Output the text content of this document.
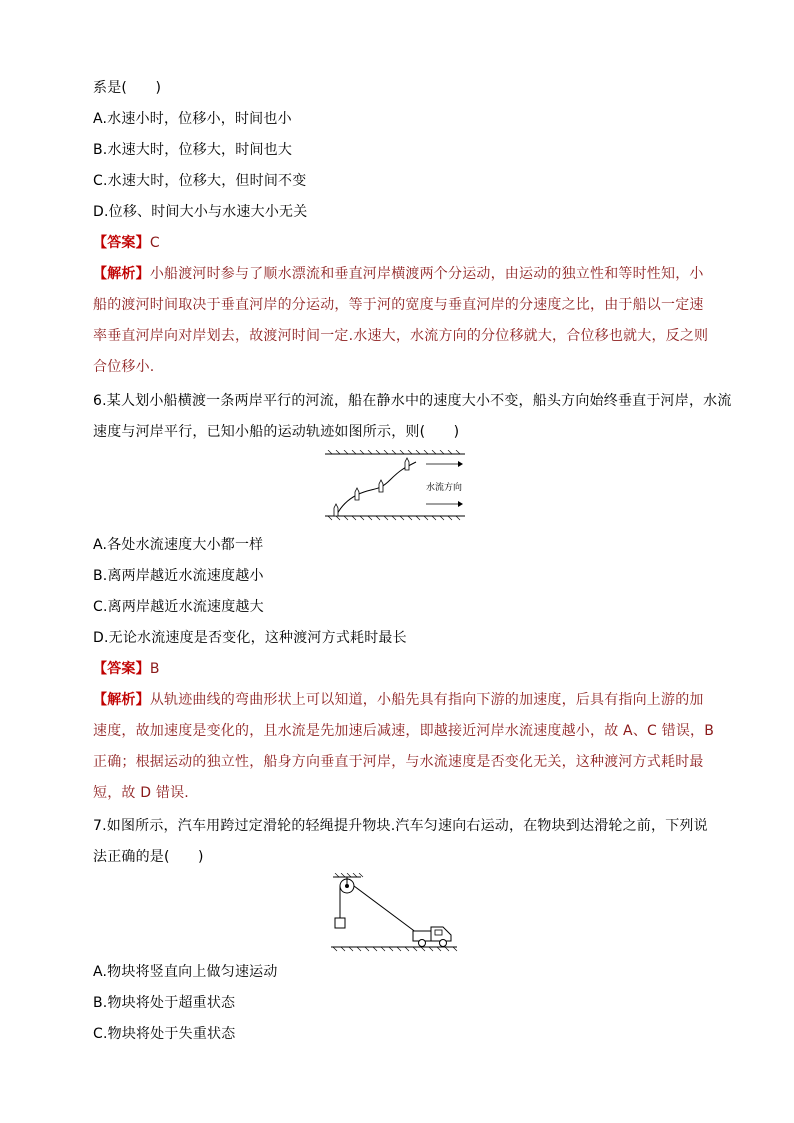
系是(　　)
A.水速小时，位移小，时间也小
B.水速大时，位移大，时间也大
C.水速大时，位移大，但时间不变
D.位移、时间大小与水速大小无关
【答案】C
【解析】小船渡河时参与了顺水漂流和垂直河岸横渡两个分运动，由运动的独立性和等时性知，小
船的渡河时间取决于垂直河岸的分运动，等于河的宽度与垂直河岸的分速度之比，由于船以一定速
率垂直河岸向对岸划去，故渡河时间一定.水速大，水流方向的分位移就大，合位移也就大，反之则
合位移小.
6.某人划小船横渡一条两岸平行的河流，船在静水中的速度大小不变，船头方向始终垂直于河岸，水流
速度与河岸平行，已知小船的运动轨迹如图所示，则(　　)
水流方向
A.各处水流速度大小都一样
B.离两岸越近水流速度越小
C.离两岸越近水流速度越大
D.无论水流速度是否变化，这种渡河方式耗时最长
【答案】B
【解析】从轨迹曲线的弯曲形状上可以知道，小船先具有指向下游的加速度，后具有指向上游的加
速度，故加速度是变化的，且水流是先加速后减速，即越接近河岸水流速度越小，故 A、C 错误，B
正确；根据运动的独立性，船身方向垂直于河岸，与水流速度是否变化无关，这种渡河方式耗时最
短，故 D 错误.
7.如图所示，汽车用跨过定滑轮的轻绳提升物块.汽车匀速向右运动，在物块到达滑轮之前，下列说
法正确的是(　　)
A.物块将竖直向上做匀速运动
B.物块将处于超重状态
C.物块将处于失重状态
